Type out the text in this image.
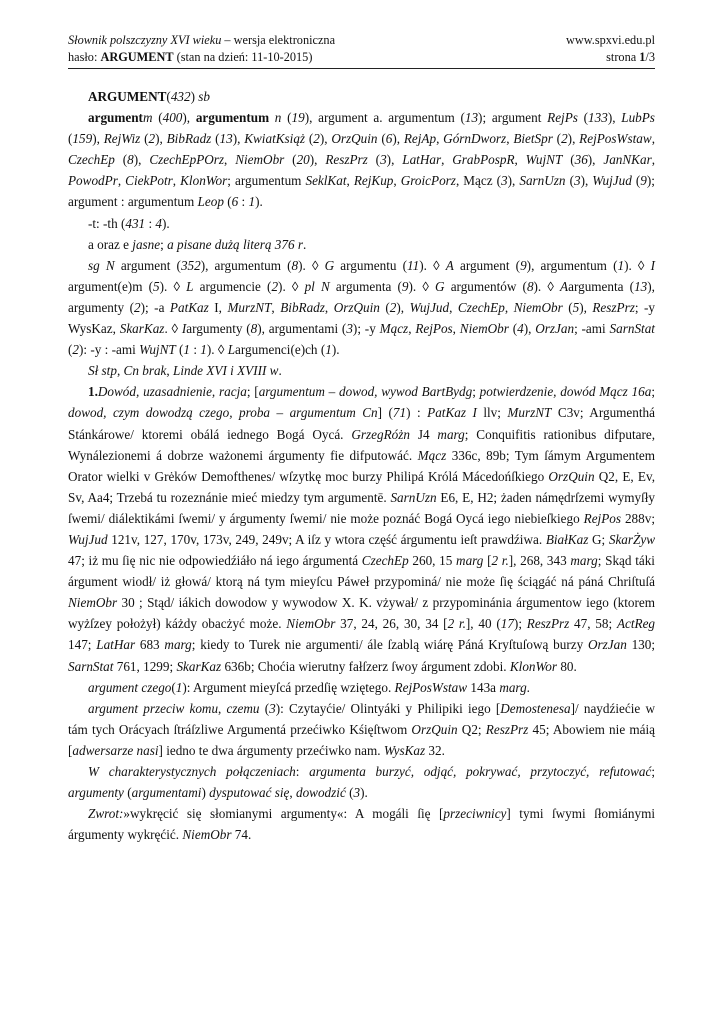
Słownik polszczyzny XVI wieku – wersja elektroniczna	www.spxvi.edu.pl
hasło: ARGUMENT (stan na dzień: 11-10-2015)	strona 1/3

ARGUMENT(432) sb

argumentm (400), argumentum n (19), argument a. argumentum (13); argument RejPs (133), LubPs (159), RejWiz (2), BibRadz (13), KwiatKsiąż (2), OrzQuin (6), RejAp, GórnDworz, BietSpr (2), RejPosWstaw, CzechEp (8), CzechEpPOrz, NiemObr (20), ReszPrz (3), LatHar, GrabPospR, WujNT (36), JanNKar, PowodPr, CiekPotr, KlonWor; argumentum SeklKat, RejKup, GroicPorz, Mącz (3), SarnUzn (3), WujJud (9); argument : argumentum Leop (6 : 1).

-t: -th (431 : 4).

a oraz e jasne; a pisane dużą literą 376 r.

sg N argument (352), argumentum (8). ◊ G argumentu (11). ◊ A argument (9), argumentum (1). ◊ I argument(e)m (5). ◊ L argumencie (2). ◊ pl N argumenta (9). ◊ G argumentów (8). ◊ Aargumenta (13), argumenty (2); -a PatKaz I, MurzNT, BibRadz, OrzQuin (2), WujJud, CzechEp, NiemObr (5), ReszPrz; -y WysKaz, SkarKaz. ◊ Iargumenty (8), argumentami (3); -y Mącz, RejPos, NiemObr (4), OrzJan; -ami SarnStat (2): -y : -ami WujNT (1 : 1). ◊ Largumenci(e)ch (1).

Sł stp, Cn brak, Linde XVI i XVIII w.

1.Dowód, uzasadnienie, racja; [argumentum – dowod, wywod BartBydg; potwierdzenie, dowód Mącz 16a; dowod, czym dowodzą czego, proba – argumentum Cn] (71) : PatKaz I llv; MurzNT C3v; Argumenthá Stánkárowe/ ktoremi obálá iednego Bogá Oycá. GrzegRóżn J4 marg; Conquifitis rationibus difputare, Wynálezionemi á dobrze ważonemi árgumenty fie difputowáć. Mącz 336c, 89b; Tym ſámym Argumentem Orator wielki v Grėków Demofthenes/ wſzytkę moc burzy Philipá Królá Mácedońſkiego OrzQuin Q2, E, Ev, Sv, Aa4; Trzebá tu rozeznánie mieć miedzy tym argumentē. SarnUzn E6, E, H2; żaden námędrſzemi wymyſły ſwemi/ diálektikámi ſwemi/ y árgumenty ſwemi/ nie może poznáć Bogá Oycá iego niebieſkiego RejPos 288v; WujJud 121v, 127, 170v, 173v, 249, 249v; A iſz y wtora część árgumentu ieſt prawdźiwa. BiałKaz G; SkarŻyw 47; iż mu ſię nic nie odpowiedźiáło ná iego árgumentá CzechEp 260, 15 marg [2 r.], 268, 343 marg; Skąd táki árgument wiodł/ iż głowá/ ktorą ná tym mieyſcu Páweł przypominá/ nie może ſię ściągáć ná páná Chriſtuſá NiemObr 30 ; Stąd/ iákich dowodow y wywodow X. K. vżywał/ z przypominánia árgumentow iego (ktorem wyżſzey położył) káżdy obacżyć może. NiemObr 37, 24, 26, 30, 34 [2 r.], 40 (17); ReszPrz 47, 58; ActReg 147; LatHar 683 marg; kiedy to Turek nie argumenti/ ále ſzablą wiárę Páná Kryſtuſową burzy OrzJan 130; SarnStat 761, 1299; SkarKaz 636b; Choćia wierutny fałſzerz ſwoy árgument zdobi. KlonWor 80.

argument czego(1): Argument mieyſcá przedſię wziętego. RejPosWstaw 143a marg.

argument przeciw komu, czemu (3): Czytayćie/ Olintyáki y Philipiki iego [Demostenesa]/ naydźiećie w tám tych Orácyach ſtráſzliwe Argumentá przećiwko Kśięſtwom OrzQuin Q2; ReszPrz 45; Abowiem nie máią [adwersarze nasi] iedno te dwa árgumenty przećiwko nam. WysKaz 32.

W charakterystycznych połączeniach: argumenta burzyć, odjąć, pokrywać, przytoczyć, refutować; argumenty (argumentami) dysputować się, dowodzić (3).

Zwrot:»wykręcić się słomianymi argumenty«: A mogáli ſię [przeciwnicy] tymi ſwymi ſłomiánymi árgumenty wykręćić. NiemObr 74.
